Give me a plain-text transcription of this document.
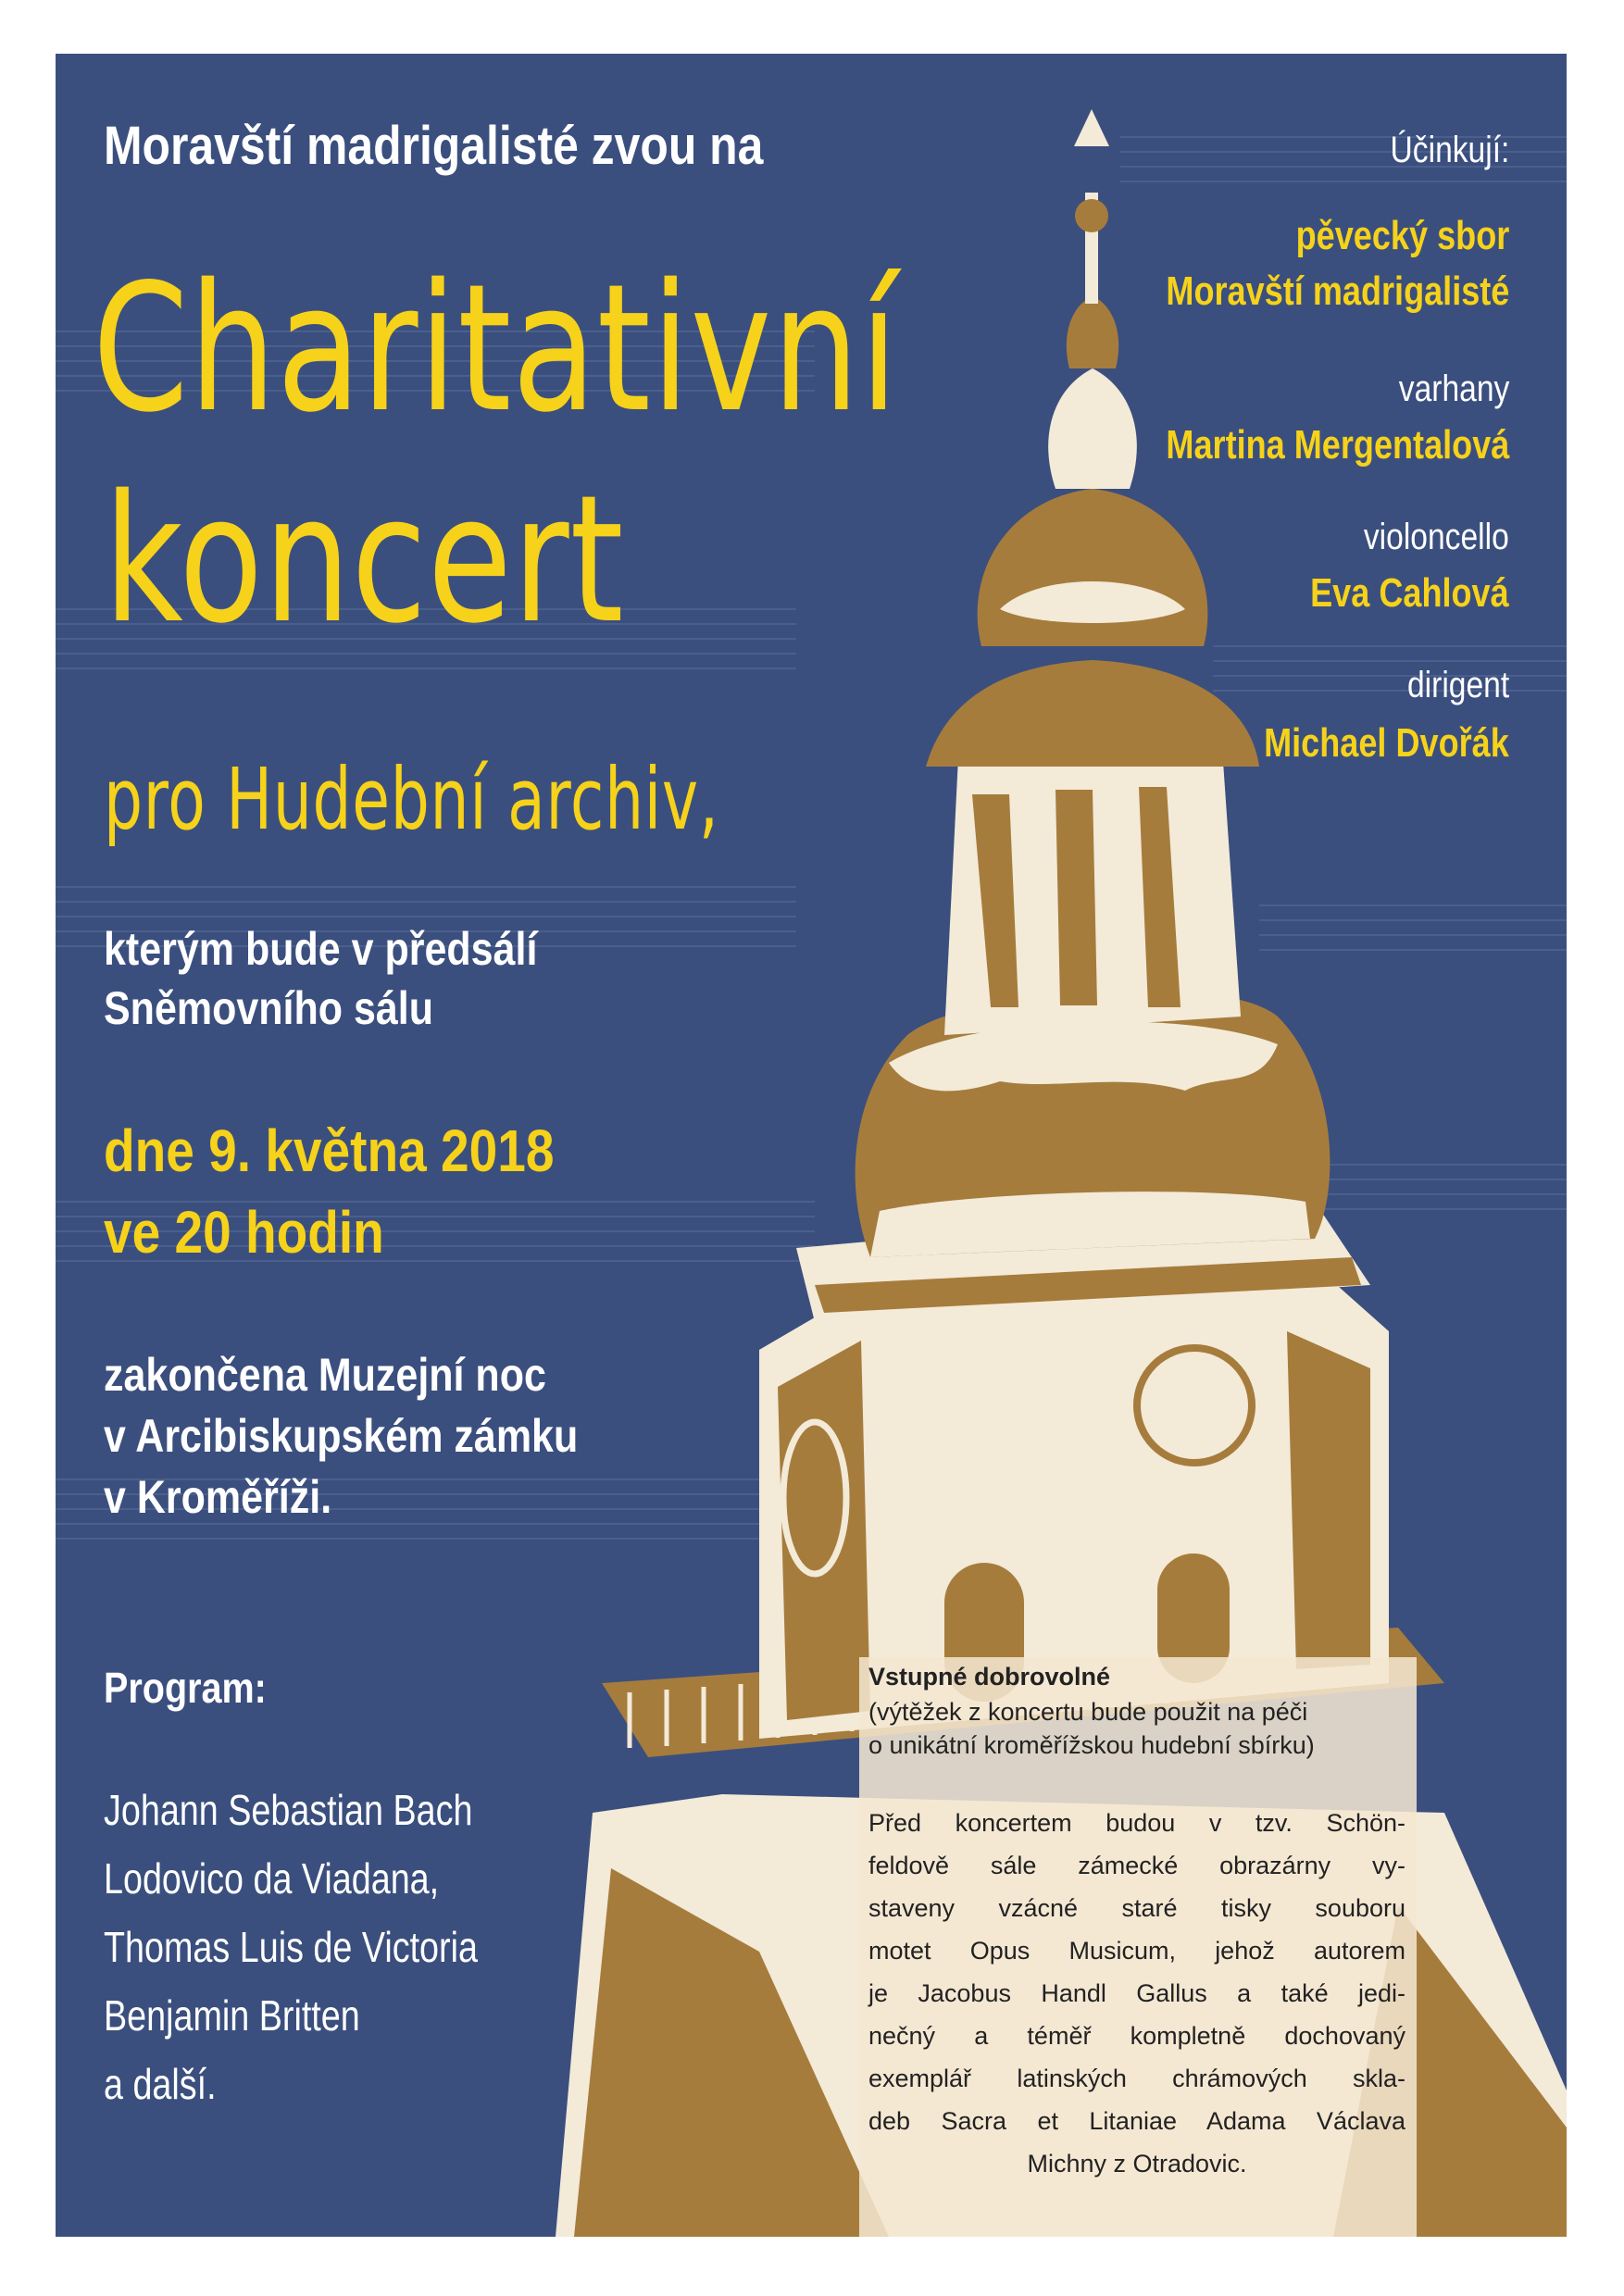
Moravští madrigalisté zvou na

Charitativní

koncert

pro Hudební archiv,

kterým bude v předsálí

Sněmovního sálu

dne 9. května 2018

ve 20 hodin

zakončena Muzejní noc

v Arcibiskupském zámku

v Kroměříži.

Program:

Johann Sebastian Bach

Lodovico da Viadana,

Thomas Luis de Victoria

Benjamin Britten

a další.

Účinkují:

pěvecký sbor

Moravští madrigalisté

varhany

Martina Mergentalová

violoncello

Eva Cahlová

dirigent

Michael Dvořák

Vstupné dobrovolné

(výtěžek z koncertu bude použit na péči

o unikátní kroměřížskou hudební sbírku)

Před koncertem budou v tzv. Schön-

feldově sále zámecké obrazárny vy-

staveny vzácné staré tisky souboru

motet Opus Musicum, jehož autorem

je Jacobus Handl Gallus a také jedi-

nečný a téměř kompletně dochovaný

exemplář latinských chrámových skla-

deb Sacra et Litaniae Adama Václava

Michny z Otradovic.
